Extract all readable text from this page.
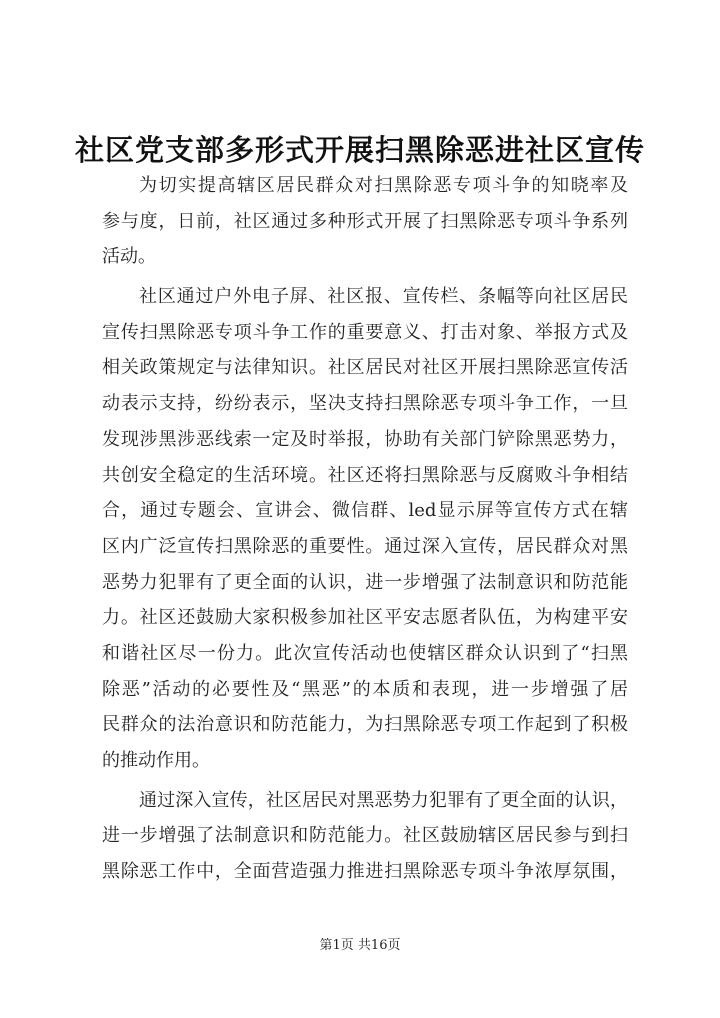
社区党支部多形式开展扫黑除恶进社区宣传
为切实提高辖区居民群众对扫黑除恶专项斗争的知晓率及
参与度，日前，社区通过多种形式开展了扫黑除恶专项斗争系列
活动。
社区通过户外电子屏、社区报、宣传栏、条幅等向社区居民
宣传扫黑除恶专项斗争工作的重要意义、打击对象、举报方式及
相关政策规定与法律知识。社区居民对社区开展扫黑除恶宣传活
动表示支持，纷纷表示，坚决支持扫黑除恶专项斗争工作，一旦
发现涉黑涉恶线索一定及时举报，协助有关部门铲除黑恶势力，
共创安全稳定的生活环境。社区还将扫黑除恶与反腐败斗争相结
合，通过专题会、宣讲会、微信群、led显示屏等宣传方式在辖
区内广泛宣传扫黑除恶的重要性。通过深入宣传，居民群众对黑
恶势力犯罪有了更全面的认识，进一步增强了法制意识和防范能
力。社区还鼓励大家积极参加社区平安志愿者队伍，为构建平安
和谐社区尽一份力。此次宣传活动也使辖区群众认识到了“扫黑
除恶”活动的必要性及“黑恶”的本质和表现，进一步增强了居
民群众的法治意识和防范能力，为扫黑除恶专项工作起到了积极
的推动作用。
通过深入宣传，社区居民对黑恶势力犯罪有了更全面的认识，
进一步增强了法制意识和防范能力。社区鼓励辖区居民参与到扫
黑除恶工作中，全面营造强力推进扫黑除恶专项斗争浓厚氛围，
第1页 共16页
